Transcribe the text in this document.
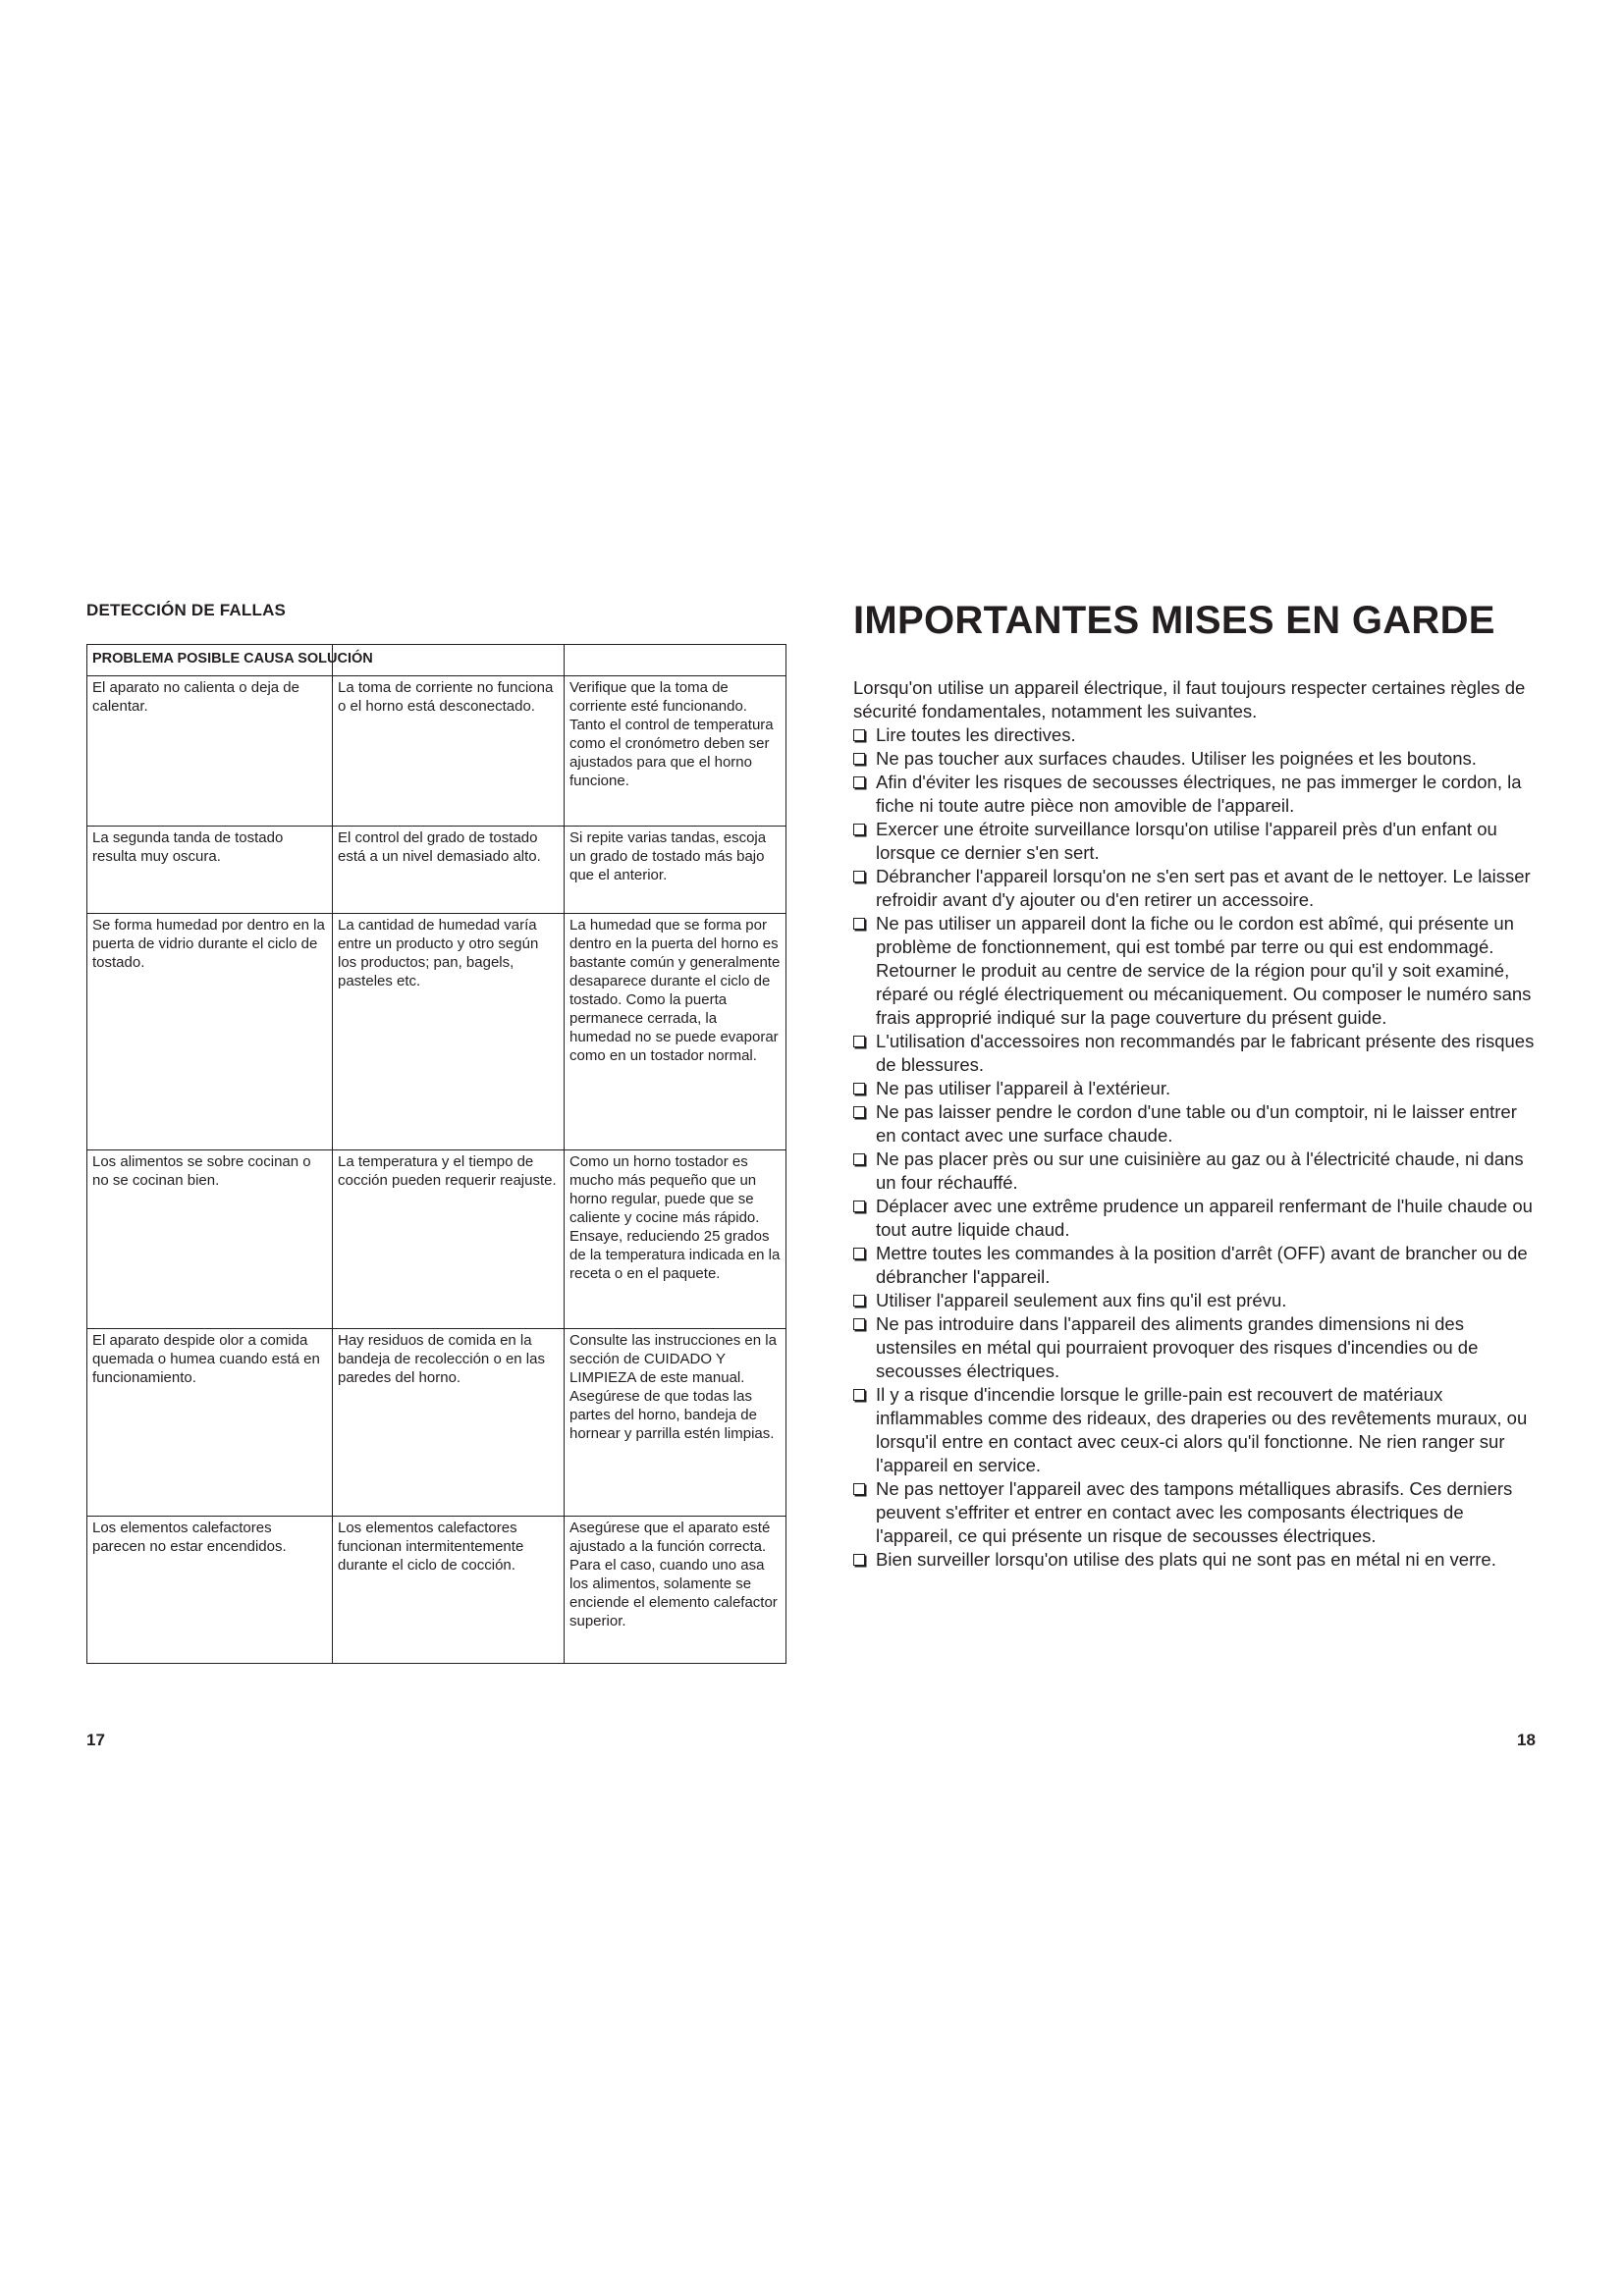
DETECCIÓN DE FALLAS
PROBLEMA POSIBLE CAUSA SOLUCIÓN		
El aparato no calienta o deja de calentar.	La toma de corriente no funciona o el horno está desconectado.	Verifique que la toma de corriente esté funcionando. Tanto el control de temperatura como el cronómetro deben ser ajustados para que el horno funcione.
La segunda tanda de tostado resulta muy oscura.	El control del grado de tostado está a un nivel demasiado alto.	Si repite varias tandas, escoja un grado de tostado más bajo que el anterior.
Se forma humedad por dentro en la puerta de vidrio durante el ciclo de tostado.	La cantidad de humedad varía entre un producto y otro según los productos; pan, bagels, pasteles etc.	La humedad que se forma por dentro en la puerta del horno es bastante común y generalmente desaparece durante el ciclo de tostado. Como la puerta permanece cerrada, la humedad no se puede evaporar como en un tostador normal.
Los alimentos se sobre cocinan o no se cocinan bien.	La temperatura y el tiempo de cocción pueden requerir reajuste.	Como un horno tostador es mucho más pequeño que un horno regular, puede que se caliente y cocine más rápido. Ensaye, reduciendo 25 grados de la temperatura indicada en la receta o en el paquete.
El aparato despide olor a comida quemada o humea cuando está en funcionamiento.	Hay residuos de comida en la bandeja de recolección o en las paredes del horno.	Consulte las instrucciones en la sección de CUIDADO Y LIMPIEZA de este manual. Asegúrese de que todas las partes del horno, bandeja de hornear y parrilla estén limpias.
Los elementos calefactores parecen no estar encendidos.	Los elementos calefactores funcionan intermitentemente durante el ciclo de cocción.	Asegúrese que el aparato esté ajustado a la función correcta. Para el caso, cuando uno asa los alimentos, solamente se enciende el elemento calefactor superior.
17
IMPORTANTES MISES EN GARDE

Lorsqu'on utilise un appareil électrique, il faut toujours respecter certaines règles de sécurité fondamentales, notamment les suivantes.

Lire toutes les directives.
Ne pas toucher aux surfaces chaudes. Utiliser les poignées et les boutons.
Afin d'éviter les risques de secousses électriques, ne pas immerger le cordon, la fiche ni toute autre pièce non amovible de l'appareil.
Exercer une étroite surveillance lorsqu'on utilise l'appareil près d'un enfant ou lorsque ce dernier s'en sert.
Débrancher l'appareil lorsqu'on ne s'en sert pas et avant de le nettoyer. Le laisser refroidir avant d'y ajouter ou d'en retirer un accessoire.
Ne pas utiliser un appareil dont la fiche ou le cordon est abîmé, qui présente un problème de fonctionnement, qui est tombé par terre ou qui est endommagé. Retourner le produit au centre de service de la région pour qu'il y soit examiné, réparé ou réglé électriquement ou mécaniquement. Ou composer le numéro sans frais approprié indiqué sur la page couverture du présent guide.
L'utilisation d'accessoires non recommandés par le fabricant présente des risques de blessures.
Ne pas utiliser l'appareil à l'extérieur.
Ne pas laisser pendre le cordon d'une table ou d'un comptoir, ni le laisser entrer en contact avec une surface chaude.
Ne pas placer près ou sur une cuisinière au gaz ou à l'électricité chaude, ni dans un four réchauffé.
Déplacer avec une extrême prudence un appareil renfermant de l'huile chaude ou tout autre liquide chaud.
Mettre toutes les commandes à la position d'arrêt (OFF) avant de brancher ou de débrancher l'appareil.
Utiliser l'appareil seulement aux fins qu'il est prévu.
Ne pas introduire dans l'appareil des aliments grandes dimensions ni des ustensiles en métal qui pourraient provoquer des risques d'incendies ou de secousses électriques.
Il y a risque d'incendie lorsque le grille-pain est recouvert de matériaux inflammables comme des rideaux, des draperies ou des revêtements muraux, ou lorsqu'il entre en contact avec ceux-ci alors qu'il fonctionne. Ne rien ranger sur l'appareil en service.
Ne pas nettoyer l'appareil avec des tampons métalliques abrasifs. Ces derniers peuvent s'effriter et entrer en contact avec les composants électriques de l'appareil, ce qui présente un risque de secousses électriques.
Bien surveiller lorsqu'on utilise des plats qui ne sont pas en métal ni en verre.
18
